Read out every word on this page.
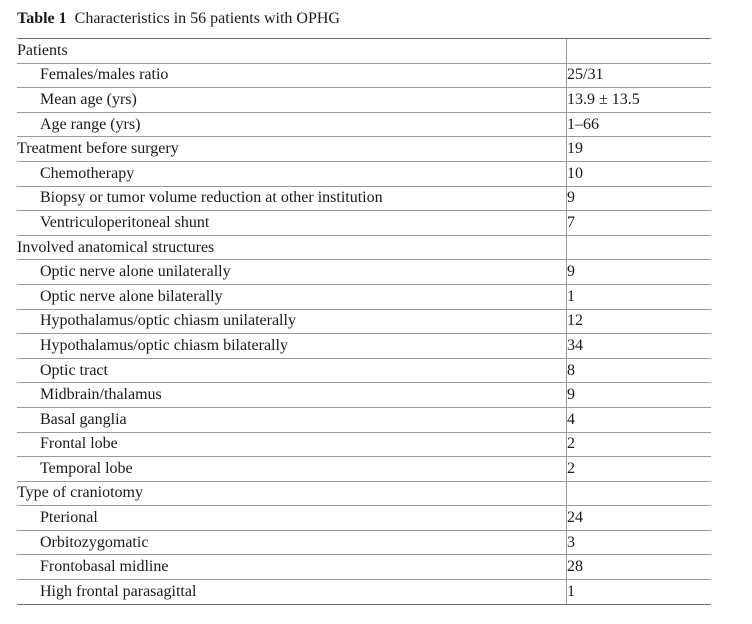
Table 1 Characteristics in 56 patients with OPHG
Patients	
Females/males ratio	25/31
Mean age (yrs)	13.9 ± 13.5
Age range (yrs)	1–66
Treatment before surgery	19
Chemotherapy	10
Biopsy or tumor volume reduction at other institution	9
Ventriculoperitoneal shunt	7
Involved anatomical structures	
Optic nerve alone unilaterally	9
Optic nerve alone bilaterally	1
Hypothalamus/optic chiasm unilaterally	12
Hypothalamus/optic chiasm bilaterally	34
Optic tract	8
Midbrain/thalamus	9
Basal ganglia	4
Frontal lobe	2
Temporal lobe	2
Type of craniotomy	
Pterional	24
Orbitozygomatic	3
Frontobasal midline	28
High frontal parasagittal	1
